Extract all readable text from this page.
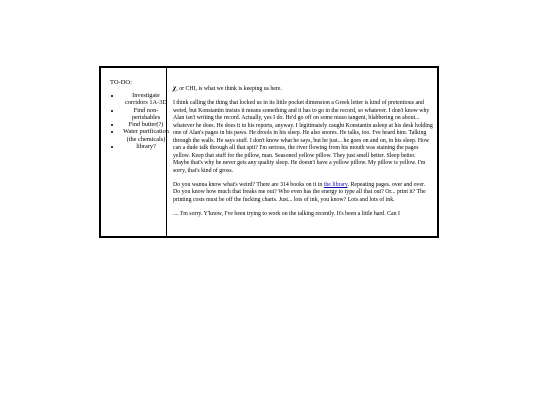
TO-DO:
• Investigate corridors 1A-3D
• Find non-perishables
• Find butter(?)
• Water purification (the chemicals)
• library?

χ, or CHI, is what we think is keeping us here.

I think calling the thing that locked us in its little pocket dimension a Greek letter is kind of pretentious and weird, but Konstantin insists it means something and it has to go in the record, so whatever. I don't know why Alan isn't writing the record. Actually, yes I do. He'd go off on some muso tangent, blabbering on about... whatever he does. He does it in his reports, anyway. I legitimately caught Konstantin asleep at his desk holding one of Alan's pages in his paws. He drools in his sleep. He also snores. He talks, too. I've heard him. Talking through the walls. He says stuff. I don't know what he says, but he just... he goes on and on, in his sleep. How can a dude talk through all that spit? I'm serious, the river flowing from his mouth was staining the pages yellow. Keep that stuff for the pillow, man. Seasoned yellow pillow. They just smell better. Sleep better. Maybe that's why he never gets any quality sleep. He doesn't have a yellow pillow. My pillow is yellow. I'm sorry, that's kind of gross.

Do you wanna know what's weird? There are 314 books on it in the library. Repeating pages. over and over. Do you know how much that freaks me out? Who even has the energy to type all that out? Or... print it? The printing costs must be off the fucking charts. Just... lots of ink, you know? Lots and lots of ink.

.... I'm sorry. Y'know, I've been trying to work on the talking recently. It's been a little hard. Can I
